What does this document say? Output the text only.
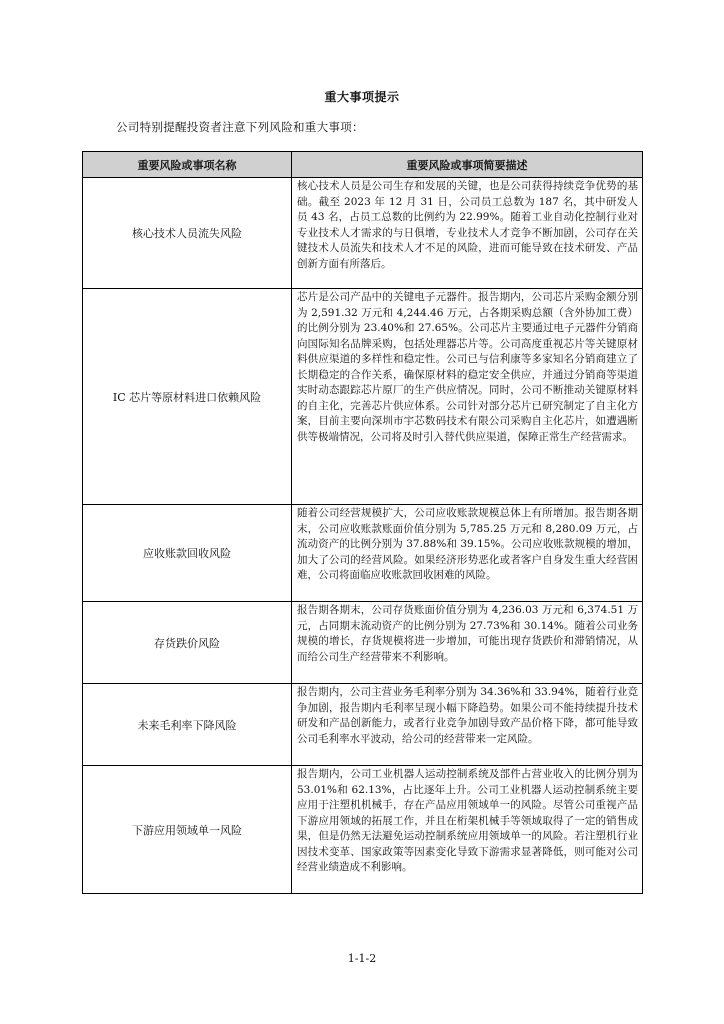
重大事项提示
公司特别提醒投资者注意下列风险和重大事项：
重要风险或事项名称	重要风险或事项简要描述
核心技术人员流失风险	核心技术人员是公司生存和发展的关键，也是公司获得持续竞争优势的基础。截至 2023 年 12 月 31 日，公司员工总数为 187 名，其中研发人员 43 名，占员工总数的比例约为 22.99%。随着工业自动化控制行业对专业技术人才需求的与日俱增，专业技术人才竞争不断加剧，公司存在关键技术人员流失和技术人才不足的风险，进而可能导致在技术研发、产品创新方面有所落后。
IC 芯片等原材料进口依赖风险	芯片是公司产品中的关键电子元器件。报告期内，公司芯片采购金额分别为 2,591.32 万元和 4,244.46 万元，占各期采购总额（含外协加工费）的比例分别为 23.40%和 27.65%。公司芯片主要通过电子元器件分销商向国际知名品牌采购，包括处理器芯片等。公司高度重视芯片等关键原材料供应渠道的多样性和稳定性。公司已与信利康等多家知名分销商建立了长期稳定的合作关系，确保原材料的稳定安全供应，并通过分销商等渠道实时动态跟踪芯片原厂的生产供应情况。同时，公司不断推动关键原材料的自主化，完善芯片供应体系。公司针对部分芯片已研究制定了自主化方案，目前主要向深圳市宇芯数码技术有限公司采购自主化芯片，如遭遇断供等极端情况，公司将及时引入替代供应渠道，保障正常生产经营需求。
应收账款回收风险	随着公司经营规模扩大，公司应收账款规模总体上有所增加。报告期各期末，公司应收账款账面价值分别为 5,785.25 万元和 8,280.09 万元，占流动资产的比例分别为 37.88%和 39.15%。公司应收账款规模的增加，加大了公司的经营风险。如果经济形势恶化或者客户自身发生重大经营困难，公司将面临应收账款回收困难的风险。
存货跌价风险	报告期各期末，公司存货账面价值分别为 4,236.03 万元和 6,374.51 万元，占同期末流动资产的比例分别为 27.73%和 30.14%。随着公司业务规模的增长，存货规模将进一步增加，可能出现存货跌价和滞销情况，从而给公司生产经营带来不利影响。
未来毛利率下降风险	报告期内，公司主营业务毛利率分别为 34.36%和 33.94%，随着行业竞争加剧，报告期内毛利率呈现小幅下降趋势。如果公司不能持续提升技术研发和产品创新能力，或者行业竞争加剧导致产品价格下降，都可能导致公司毛利率水平波动，给公司的经营带来一定风险。
下游应用领域单一风险	报告期内，公司工业机器人运动控制系统及部件占营业收入的比例分别为 53.01%和 62.13%，占比逐年上升。公司工业机器人运动控制系统主要应用于注塑机机械手，存在产品应用领域单一的风险。尽管公司重视产品下游应用领域的拓展工作，并且在桁架机械手等领域取得了一定的销售成果，但是仍然无法避免运动控制系统应用领域单一的风险。若注塑机行业因技术变革、国家政策等因素变化导致下游需求显著降低，则可能对公司经营业绩造成不利影响。
1-1-2
